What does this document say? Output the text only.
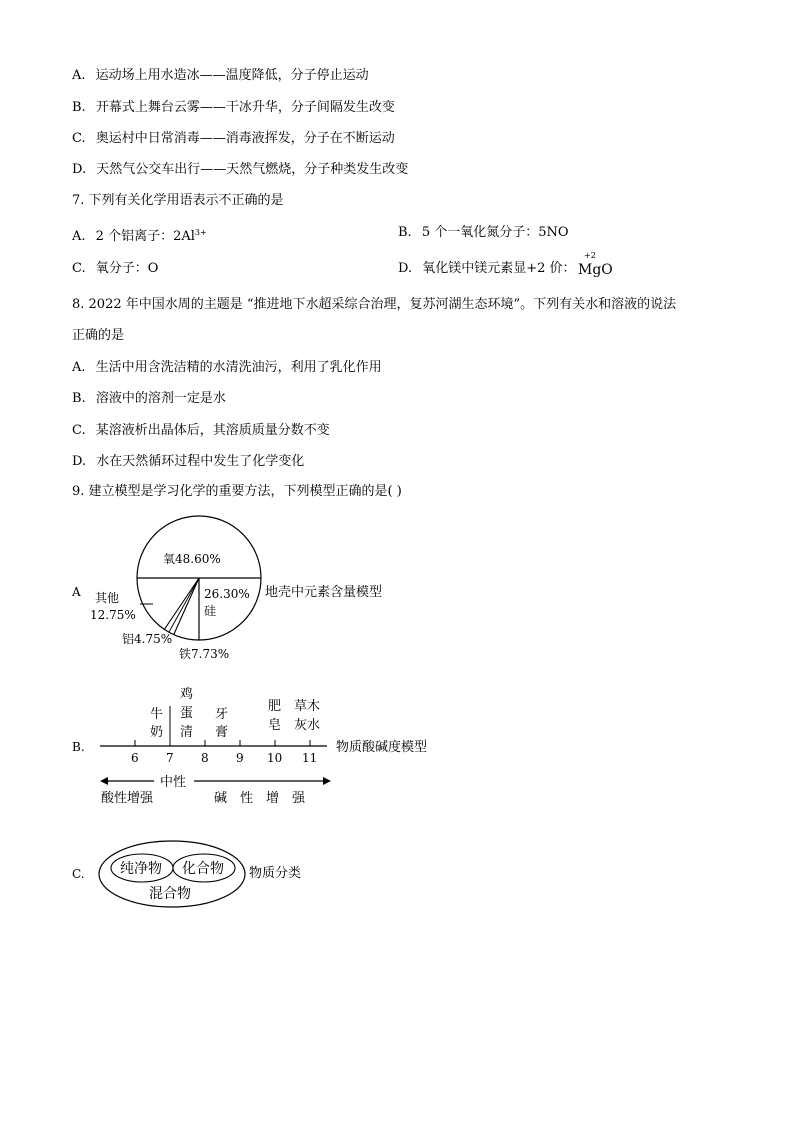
A. 运动场上用水造冰——温度降低，分子停止运动
B. 开幕式上舞台云雾——干冰升华，分子间隔发生改变
C. 奥运村中日常消毒——消毒液挥发，分子在不断运动
D. 天然气公交车出行——天然气燃烧，分子种类发生改变
7. 下列有关化学用语表示不正确的是
A. 2 个铝离子：$2Al^{3+}$	B. 5 个一氧化氮分子：5NO
C. 氧分子：O	D. 氧化镁中镁元素显+2 价：
+2
MgO
8. 2022 年中国水周的主题是 “推进地下水超采综合治理，复苏河湖生态环境”。下列有关水和溶液的说法
正确的是
A. 生活中用含洗洁精的水清洗油污，利用了乳化作用
B. 溶液中的溶剂一定是水
C. 某溶液析出晶体后，其溶质质量分数不变
D. 水在天然循环过程中发生了化学变化
9. 建立模型是学习化学的重要方法，下列模型正确的是( )
A
氧48.60%
26.30%
硅
其他
12.75%
铝4.75%
铁7.73%
地壳中元素含量模型
B.
6 7 8 9 10 11
牛
奶
鸡
蛋
清
牙
膏
肥
皂
草木
灰水
中性
酸性增强	碱　性　增　强
物质酸碱度模型
C.	纯净物 化合物
混合物
物质分类
